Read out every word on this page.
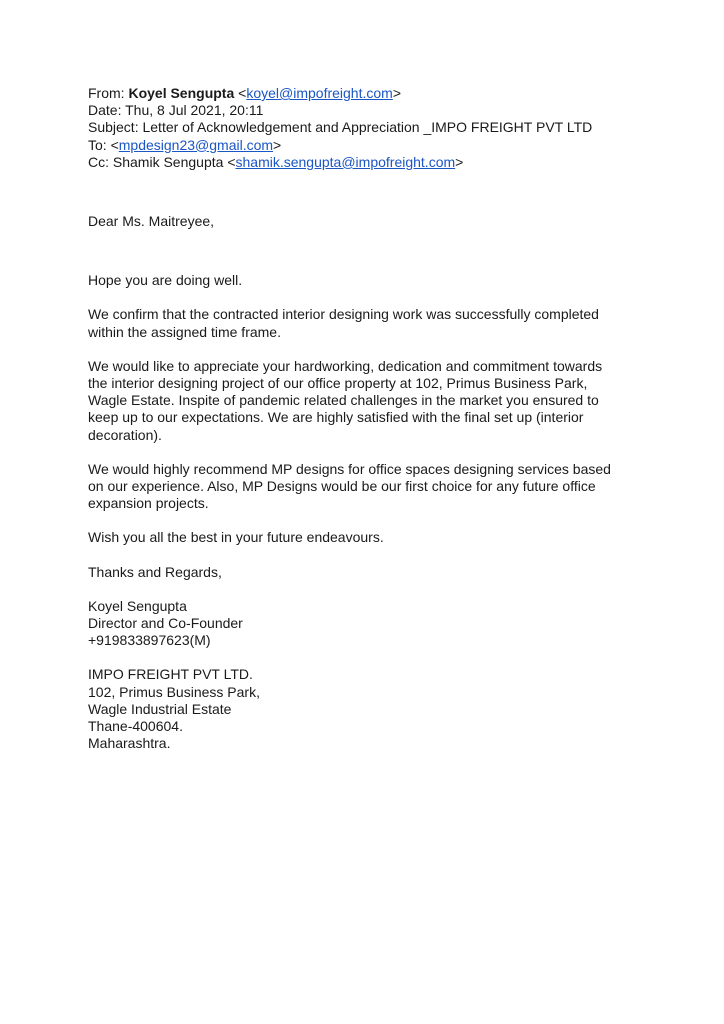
From: Koyel Sengupta <koyel@impofreight.com>
Date: Thu, 8 Jul 2021, 20:11
Subject: Letter of Acknowledgement and Appreciation _IMPO FREIGHT PVT LTD
To: <mpdesign23@gmail.com>
Cc: Shamik Sengupta <shamik.sengupta@impofreight.com>

Dear Ms. Maitreyee,

Hope you are doing well.

We confirm that the contracted interior designing work was successfully completed
within the assigned time frame.
We would like to appreciate your hardworking, dedication and commitment towards
the interior designing project of our office property at 102, Primus Business Park,
Wagle Estate. Inspite of pandemic related challenges in the market you ensured to
keep up to our expectations. We are highly satisfied with the final set up (interior
decoration).
We would highly recommend MP designs for office spaces designing services based
on our experience. Also, MP Designs would be our first choice for any future office
expansion projects.

Wish you all the best in your future endeavours.

Thanks and Regards,

Koyel Sengupta
Director and Co-Founder
+919833897623(M)
IMPO FREIGHT PVT LTD.
102, Primus Business Park,
Wagle Industrial Estate
Thane-400604.
Maharashtra.
